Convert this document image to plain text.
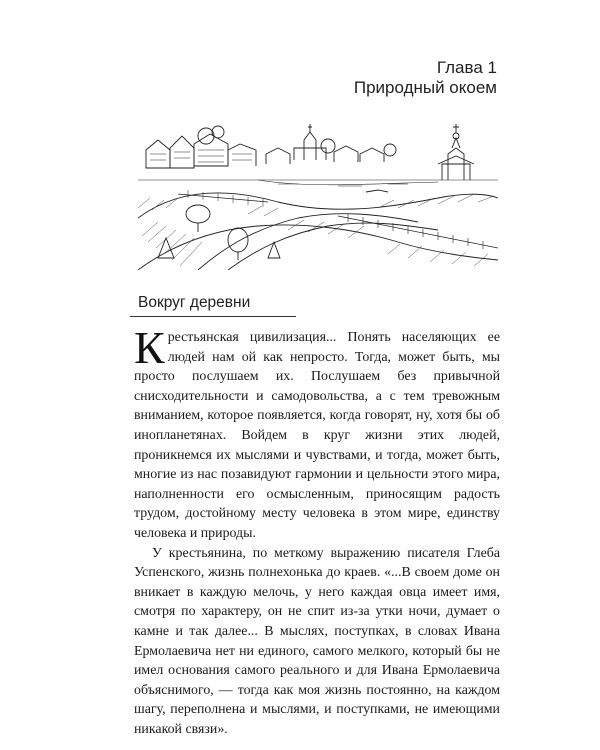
Глава 1
Природный окоем
Вокруг деревни

Крестьянская цивилизация... Понять населяющих ее людей нам ой как непросто. Тогда, может быть, мы просто послушаем их. Послушаем без привычной снисходительности и самодовольства, а с тем тревожным вниманием, которое появляется, когда говорят, ну, хотя бы об инопланетянах. Войдем в круг жизни этих людей, проникнемся их мыслями и чувствами, и тогда, может быть, многие из нас позавидуют гармонии и цельности этого мира, наполненности его осмысленным, приносящим радость трудом, достойному месту человека в этом мире, единству человека и природы.

У крестьянина, по меткому выражению писателя Глеба Успенского, жизнь полнехонька до краев. «...В своем доме он вникает в каждую мелочь, у него каждая овца имеет имя, смотря по характеру, он не спит из-за утки ночи, думает о камне и так далее... В мыслях, поступках, в словах Ивана Ермолаевича нет ни единого, самого мелкого, который бы не имел основания самого реального и для Ивана Ермолаевича объяснимого, — тогда как моя жизнь постоянно, на каждом шагу, переполнена и мыслями, и поступками, не имеющими никакой связи».
